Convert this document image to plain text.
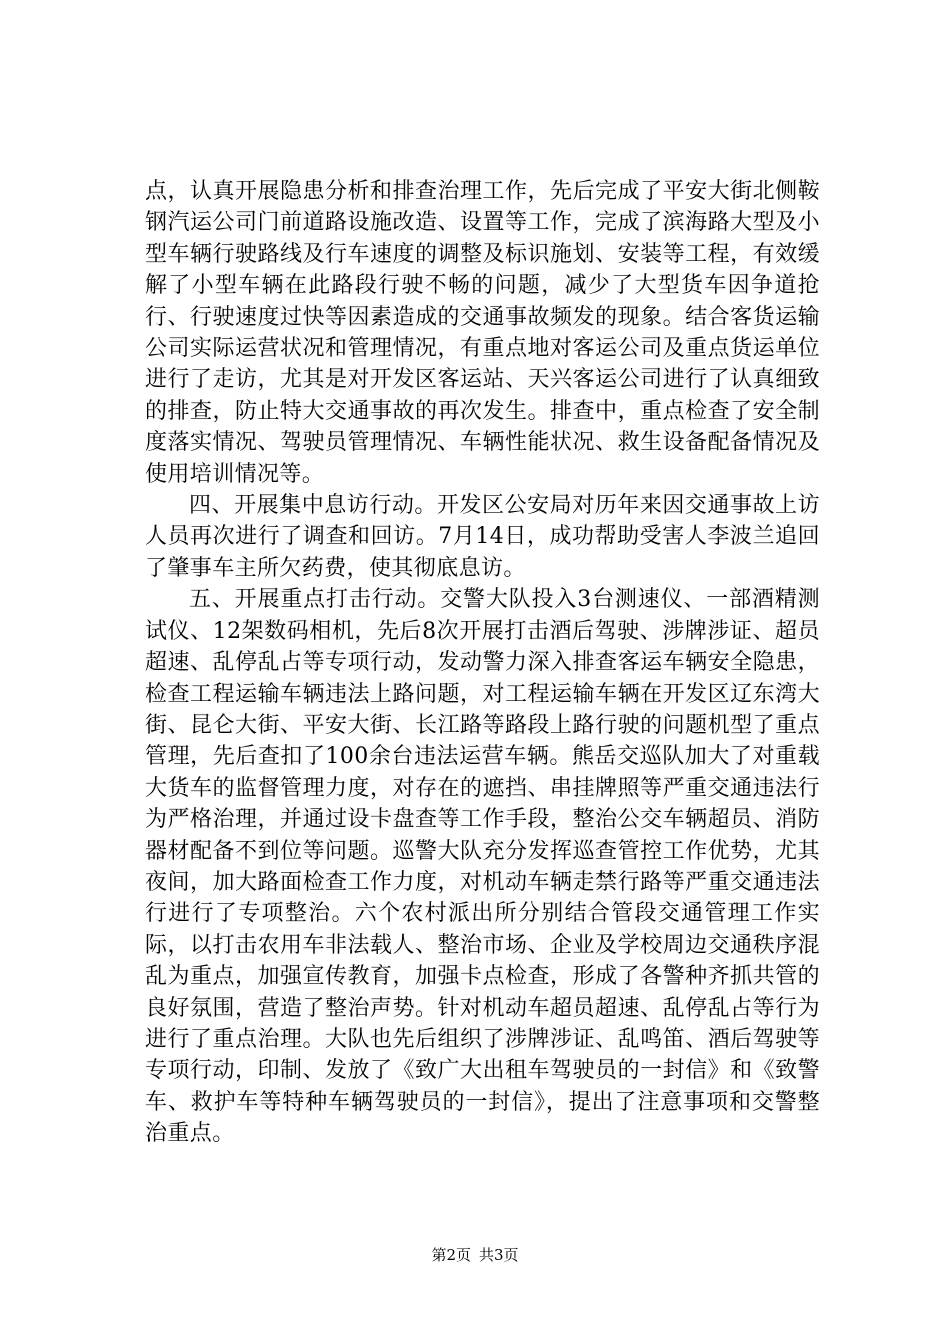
点，认真开展隐患分析和排查治理工作，先后完成了平安大街北侧鞍钢汽运公司门前道路设施改造、设置等工作，完成了滨海路大型及小型车辆行驶路线及行车速度的调整及标识施划、安装等工程，有效缓解了小型车辆在此路段行驶不畅的问题，减少了大型货车因争道抢行、行驶速度过快等因素造成的交通事故频发的现象。结合客货运输公司实际运营状况和管理情况，有重点地对客运公司及重点货运单位进行了走访，尤其是对开发区客运站、天兴客运公司进行了认真细致的排查，防止特大交通事故的再次发生。排查中，重点检查了安全制度落实情况、驾驶员管理情况、车辆性能状况、救生设备配备情况及使用培训情况等。

四、开展集中息访行动。开发区公安局对历年来因交通事故上访人员再次进行了调查和回访。7月14日，成功帮助受害人李波兰追回了肇事车主所欠药费，使其彻底息访。

五、开展重点打击行动。交警大队投入3台测速仪、一部酒精测试仪、12架数码相机，先后8次开展打击酒后驾驶、涉牌涉证、超员超速、乱停乱占等专项行动，发动警力深入排查客运车辆安全隐患，检查工程运输车辆违法上路问题，对工程运输车辆在开发区辽东湾大街、昆仑大街、平安大街、长江路等路段上路行驶的问题机型了重点管理，先后查扣了100余台违法运营车辆。熊岳交巡队加大了对重载大货车的监督管理力度，对存在的遮挡、串挂牌照等严重交通违法行为严格治理，并通过设卡盘查等工作手段，整治公交车辆超员、消防器材配备不到位等问题。巡警大队充分发挥巡查管控工作优势，尤其夜间，加大路面检查工作力度，对机动车辆走禁行路等严重交通违法行进行了专项整治。六个农村派出所分别结合管段交通管理工作实际，以打击农用车非法载人、整治市场、企业及学校周边交通秩序混乱为重点，加强宣传教育，加强卡点检查，形成了各警种齐抓共管的良好氛围，营造了整治声势。针对机动车超员超速、乱停乱占等行为进行了重点治理。大队也先后组织了涉牌涉证、乱鸣笛、酒后驾驶等专项行动，印制、发放了《致广大出租车驾驶员的一封信》和《致警车、救护车等特种车辆驾驶员的一封信》，提出了注意事项和交警整治重点。

第2页 共3页
